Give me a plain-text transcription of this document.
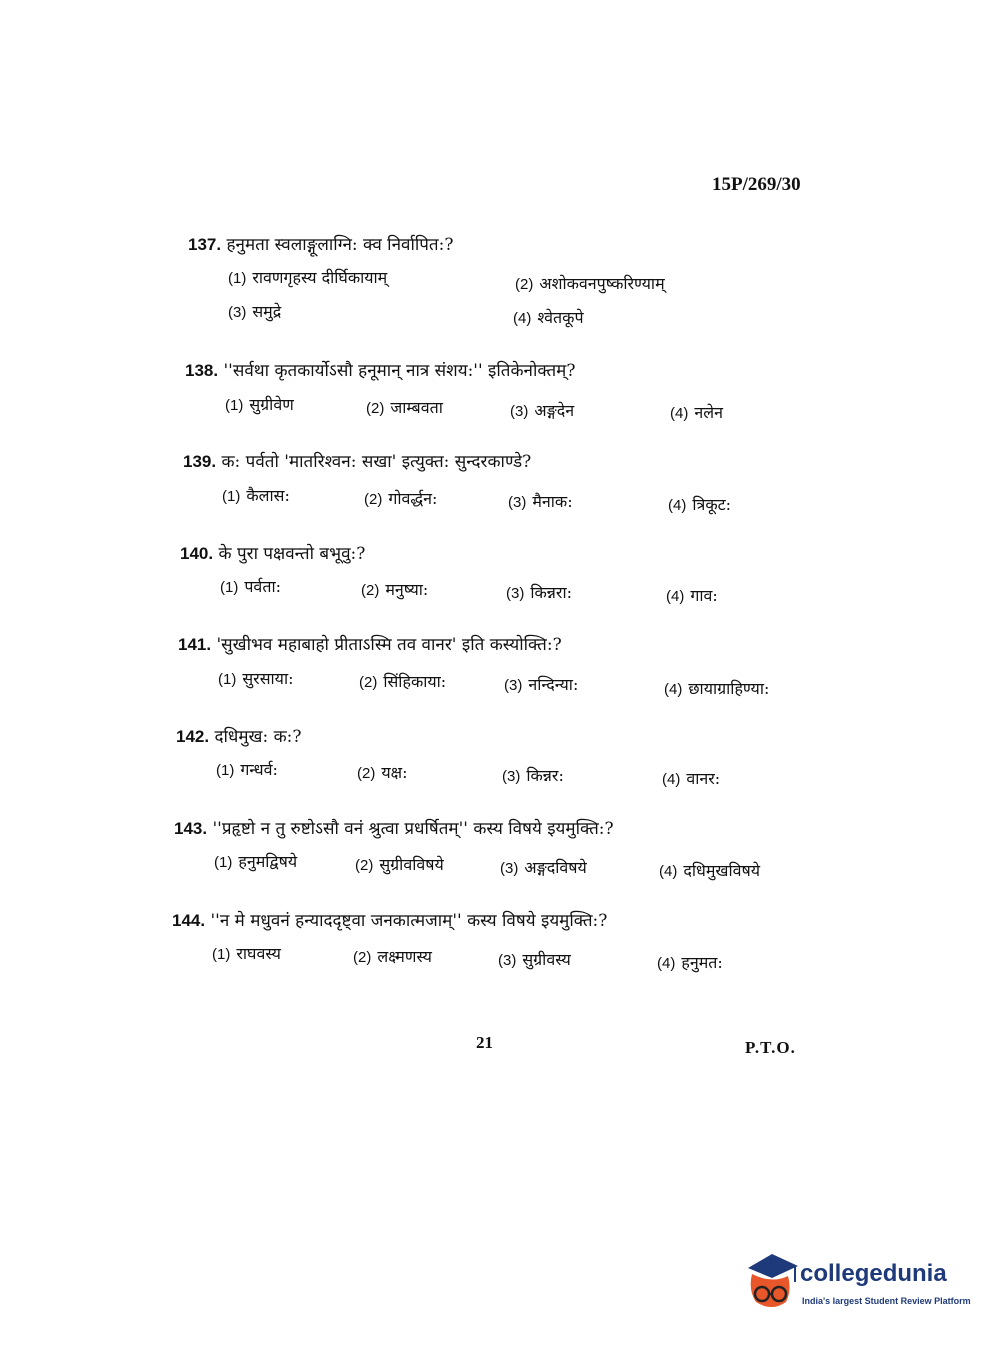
15P/269/30
137. हनुमता स्वलाङ्गूलाग्नि: क्व निर्वापित:?
(1) रावणगृहस्य दीर्घिकायाम्	(2) अशोकवनपुष्करिण्याम्
(3) समुद्रे	(4) श्वेतकूपे
138. ''सर्वथा कृतकार्योऽसौ हनूमान् नात्र संशय:'' इतिकेनोक्तम्?
(1) सुग्रीवेण	(2) जाम्बवता	(3) अङ्गदेन	(4) नलेन
139. क: पर्वतो 'मातरिश्वन: सखा' इत्युक्त: सुन्दरकाण्डे?
(1) कैलास:	(2) गोवर्द्धन:	(3) मैनाक:	(4) त्रिकूट:
140. के पुरा पक्षवन्तो बभूवु:?
(1) पर्वता:	(2) मनुष्या:	(3) किन्नरा:	(4) गाव:
141. 'सुखीभव महाबाहो प्रीताऽस्मि तव वानर' इति कस्योक्ति:?
(1) सुरसाया:	(2) सिंहिकाया:	(3) नन्दिन्या:	(4) छायाग्राहिण्या:
142. दधिमुख: क:?
(1) गन्धर्व:	(2) यक्ष:	(3) किन्नर:	(4) वानर:
143. ''प्रहृष्टो न तु रुष्टोऽसौ वनं श्रुत्वा प्रधर्षितम्'' कस्य विषये इयमुक्ति:?
(1) हनुमद्विषये	(2) सुग्रीवविषये	(3) अङ्गदविषये	(4) दधिमुखविषये
144. ''न मे मधुवनं हन्याददृष्ट्वा जनकात्मजाम्'' कस्य विषये इयमुक्ति:?
(1) राघवस्य	(2) लक्ष्मणस्य	(3) सुग्रीवस्य	(4) हनुमत:
21	P.T.O.
collegedunia
India's largest Student Review Platform
